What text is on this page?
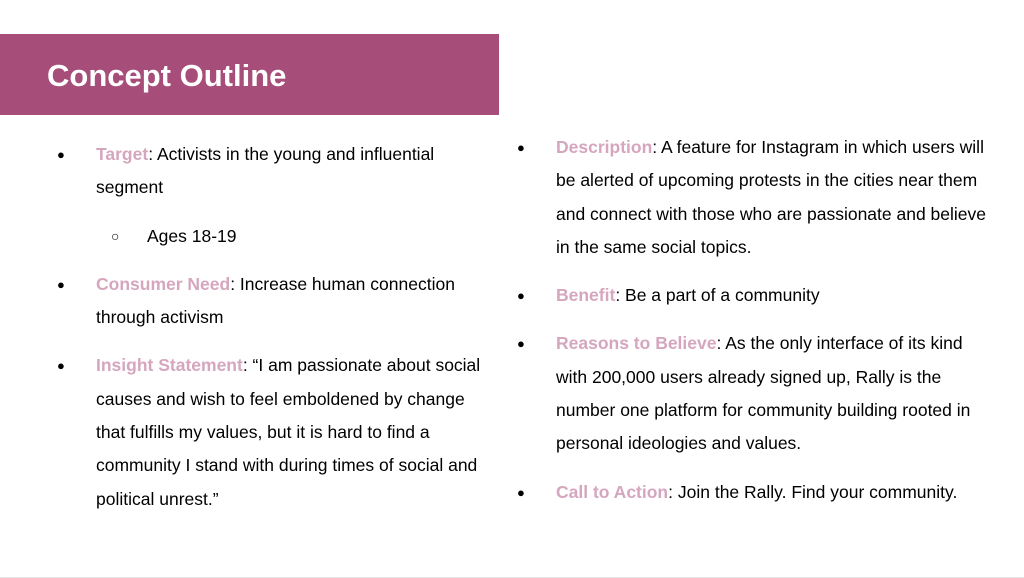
Concept Outline
●	Target: Activists in the young and influential segment
○ Ages 18-19
●	Consumer Need: Increase human connection through activism
●	Insight Statement: “I am passionate about social causes and wish to feel emboldened by change that fulfills my values, but it is hard to find a community I stand with during times of social and political unrest.”
●	Description: A feature for Instagram in which users will be alerted of upcoming protests in the cities near them and connect with those who are passionate and believe in the same social topics.
●	Benefit: Be a part of a community
●	Reasons to Believe: As the only interface of its kind with 200,000 users already signed up, Rally is the number one platform for community building rooted in personal ideologies and values.
●	Call to Action: Join the Rally. Find your community.
